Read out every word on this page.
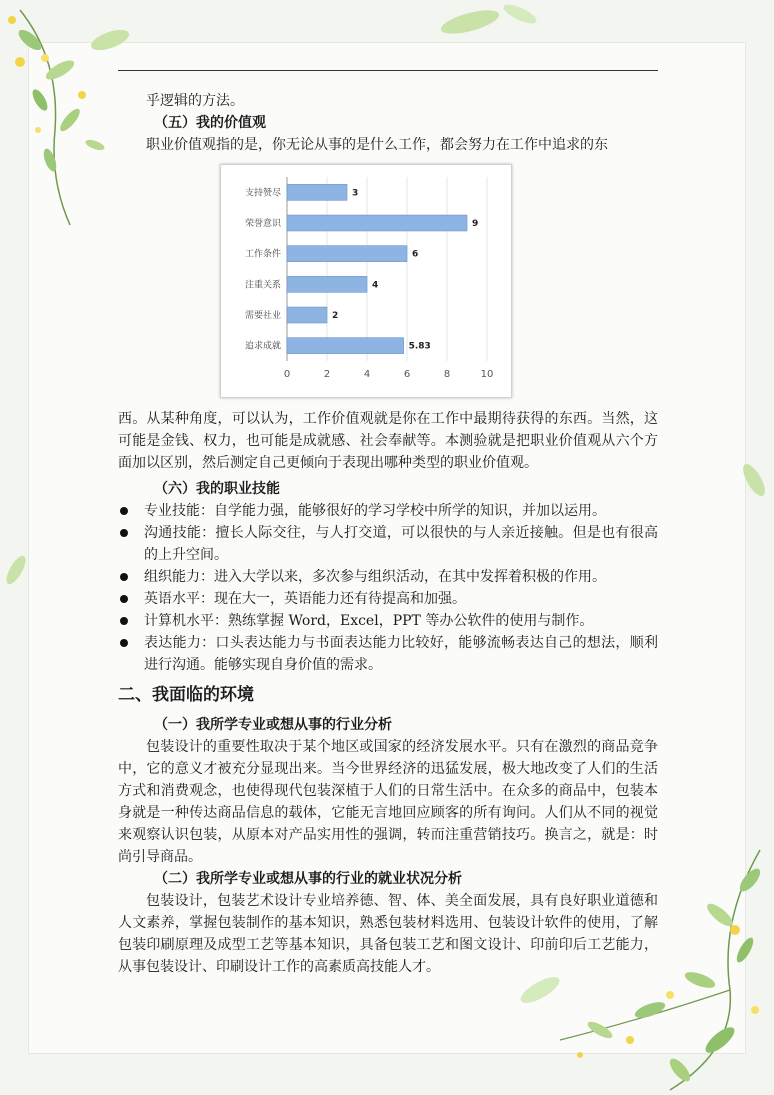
乎逻辑的方法。

（五）我的价值观

职业价值观指的是，你无论从事的是什么工作，都会努力在工作中追求的东

0	2	4	6	8	10
支持赞尽	3
荣誉意识	9
工作条件	6
注重关系	4
需要社业	2
追求成就	5.83

西。从某种角度，可以认为，工作价值观就是你在工作中最期待获得的东西。当然，这可能是金钱、权力，也可能是成就感、社会奉献等。本测验就是把职业价值观从六个方面加以区别，然后测定自己更倾向于表现出哪种类型的职业价值观。

（六）我的职业技能

专业技能：自学能力强，能够很好的学习学校中所学的知识，并加以运用。
沟通技能：擅长人际交往，与人打交道，可以很快的与人亲近接触。但是也有很高的上升空间。
组织能力：进入大学以来，多次参与组织活动，在其中发挥着积极的作用。
英语水平：现在大一，英语能力还有待提高和加强。
计算机水平：熟练掌握 Word，Excel，PPT 等办公软件的使用与制作。
表达能力：口头表达能力与书面表达能力比较好，能够流畅表达自己的想法，顺利进行沟通。能够实现自身价值的需求。

二、我面临的环境

（一）我所学专业或想从事的行业分析

包装设计的重要性取决于某个地区或国家的经济发展水平。只有在激烈的商品竞争中，它的意义才被充分显现出来。当今世界经济的迅猛发展，极大地改变了人们的生活方式和消费观念，也使得现代包装深植于人们的日常生活中。在众多的商品中，包装本身就是一种传达商品信息的载体，它能无言地回应顾客的所有询问。人们从不同的视觉来观察认识包装，从原本对产品实用性的强调，转而注重营销技巧。换言之，就是：时尚引导商品。

（二）我所学专业或想从事的行业的就业状况分析

包装设计，包装艺术设计专业培养德、智、体、美全面发展，具有良好职业道德和人文素养，掌握包装制作的基本知识，熟悉包装材料选用、包装设计软件的使用，了解包装印刷原理及成型工艺等基本知识，具备包装工艺和图文设计、印前印后工艺能力，从事包装设计、印刷设计工作的高素质高技能人才。
